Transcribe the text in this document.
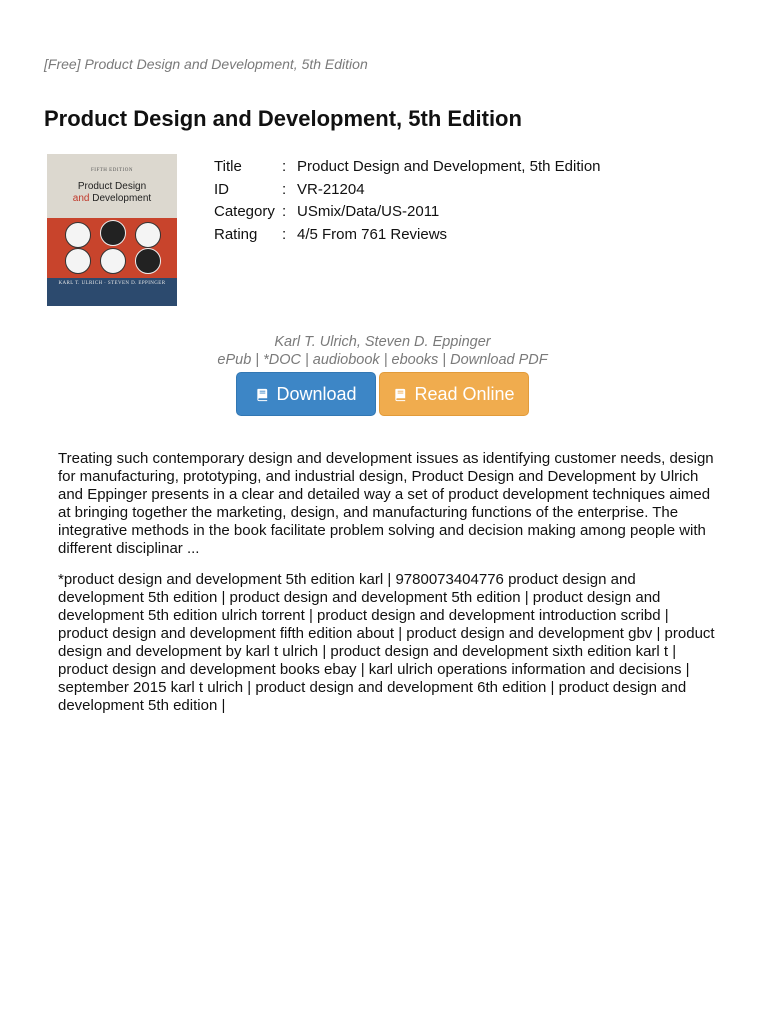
[Free] Product Design and Development, 5th Edition
Product Design and Development, 5th Edition
FIFTH EDITION
Product Design
and Development
KARL T. ULRICH · STEVEN D. EPPINGER
Title	: Product Design and Development, 5th Edition
ID	: VR-21204
Category : USmix/Data/US-2011
Rating	: 4/5 From 761 Reviews
Karl T. Ulrich, Steven D. Eppinger
ePub | *DOC | audiobook | ebooks | Download PDF
Download	Read Online

Treating such contemporary design and development issues as identifying customer needs, design for manufacturing, prototyping, and industrial design, Product Design and Development by Ulrich and Eppinger presents in a clear and detailed way a set of product development techniques aimed at bringing together the marketing, design, and manufacturing functions of the enterprise. The integrative methods in the book facilitate problem solving and decision making among people with different disciplinar ...

*product design and development 5th edition karl | 9780073404776 product design and development 5th edition | product design and development 5th edition | product design and development 5th edition ulrich torrent | product design and development introduction scribd | product design and development fifth edition about | product design and development gbv | product design and development by karl t ulrich | product design and development sixth edition karl t | product design and development books ebay | karl ulrich operations information and decisions | september 2015 karl t ulrich | product design and development 6th edition | product design and development 5th edition |
